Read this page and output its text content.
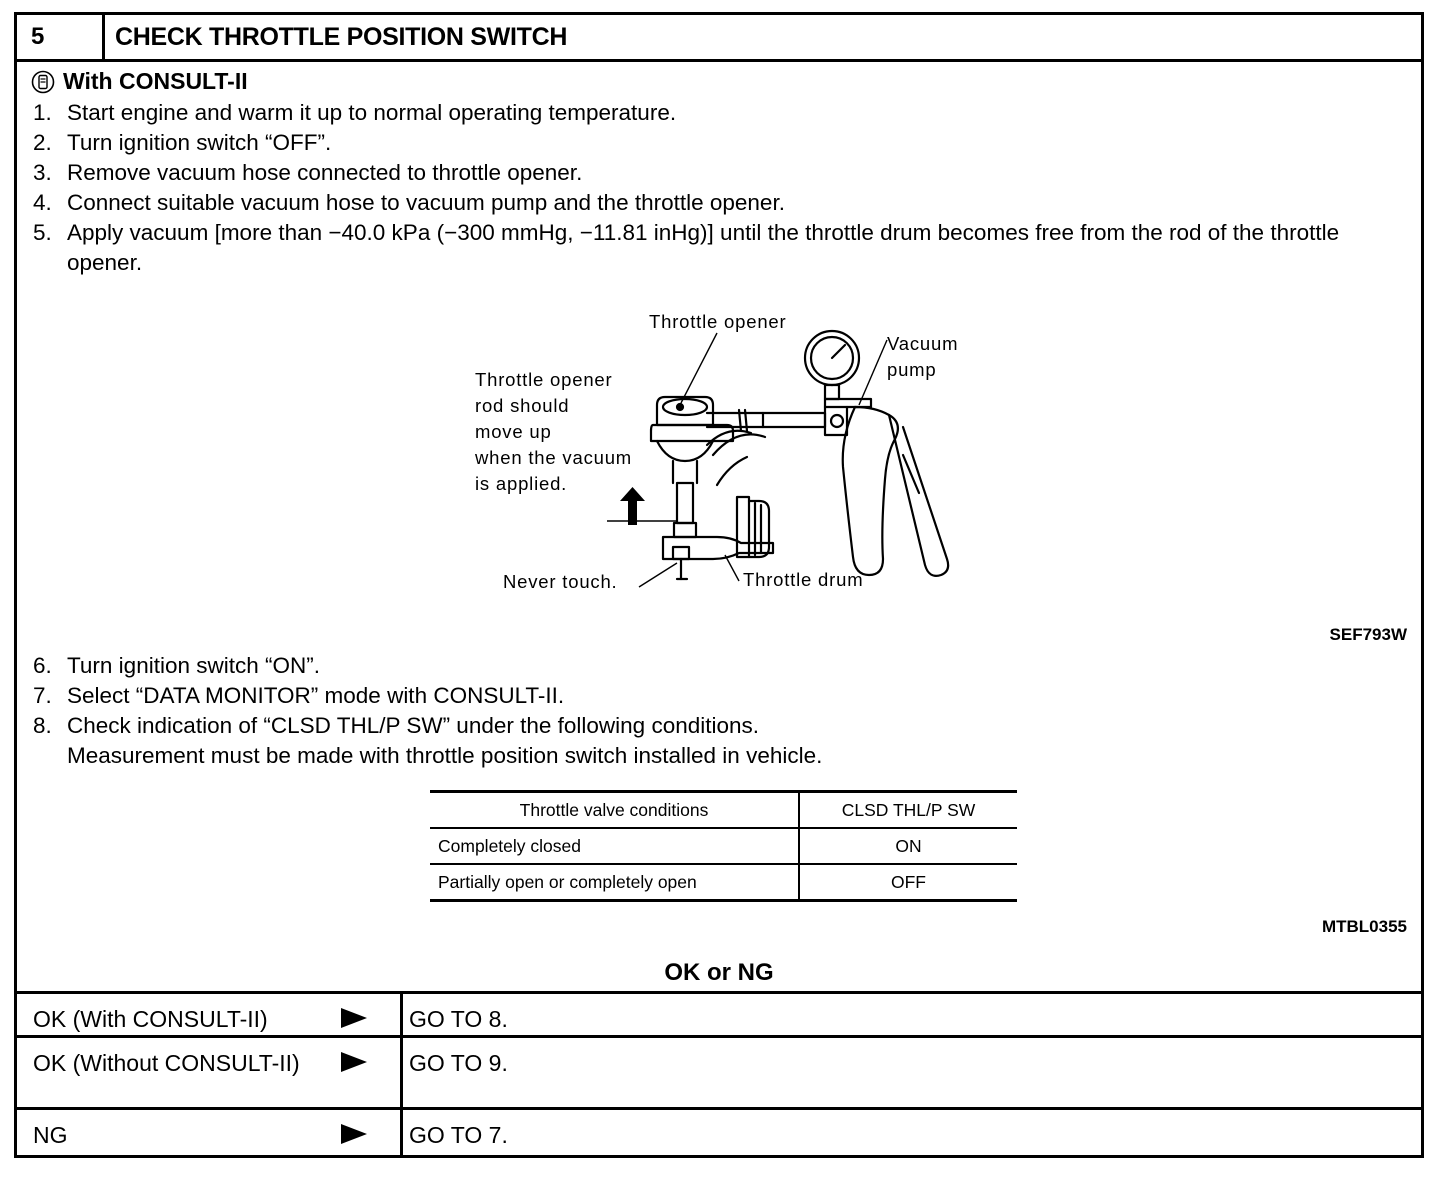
5	CHECK THROTTLE POSITION SWITCH
With CONSULT-II
1. Start engine and warm it up to normal operating temperature.
2. Turn ignition switch “OFF”.
3. Remove vacuum hose connected to throttle opener.
4. Connect suitable vacuum hose to vacuum pump and the throttle opener.
5. Apply vacuum [more than −40.0 kPa (−300 mmHg, −11.81 inHg)] until the throttle drum becomes free from the rod of the throttle opener.
Throttle opener
Vacuum
pump
Throttle opener
rod should
move up
when the vacuum
is applied.
Never touch.	Throttle drum
SEF793W
6. Turn ignition switch “ON”.
7. Select “DATA MONITOR” mode with CONSULT-II.
8. Check indication of “CLSD THL/P SW” under the following conditions.
Measurement must be made with throttle position switch installed in vehicle.
Throttle valve conditions	CLSD THL/P SW
Completely closed	ON
Partially open or completely open	OFF
MTBL0355
OK or NG
OK (With CONSULT-II)	GO TO 8.
OK (Without CONSULT-II)	GO TO 9.
NG	GO TO 7.
